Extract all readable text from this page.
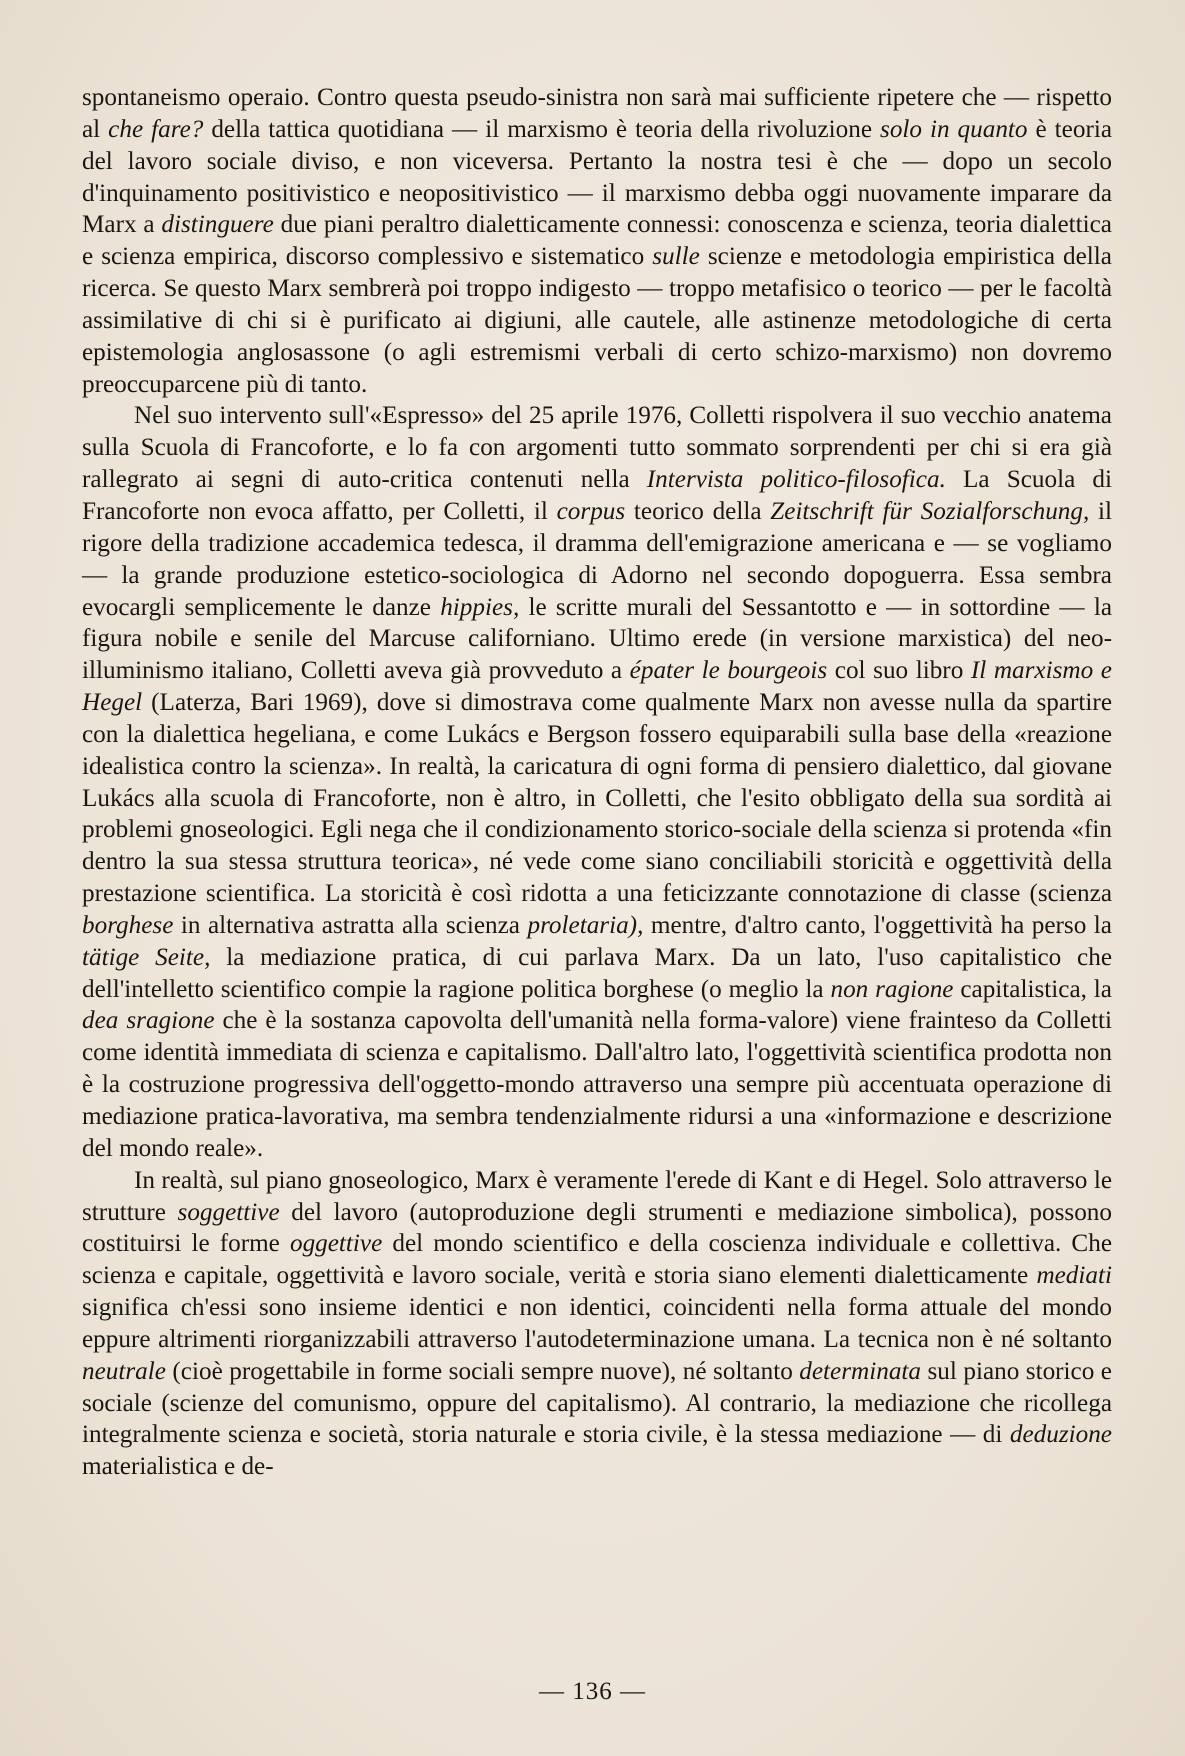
spontaneismo operaio. Contro questa pseudo-sinistra non sarà mai sufficiente ripetere che — rispetto al che fare? della tattica quotidiana — il marxismo è teoria della rivoluzione solo in quanto è teoria del lavoro sociale diviso, e non viceversa. Pertanto la nostra tesi è che — dopo un secolo d'inquinamento positivistico e neopositivistico — il marxismo debba oggi nuovamente imparare da Marx a distinguere due piani peraltro dialetticamente connessi: conoscenza e scienza, teoria dialettica e scienza empirica, discorso complessivo e sistematico sulle scienze e metodologia empiristica della ricerca. Se questo Marx sembrerà poi troppo indigesto — troppo metafisico o teorico — per le facoltà assimilative di chi si è purificato ai digiuni, alle cautele, alle astinenze metodologiche di certa epistemologia anglosassone (o agli estremismi verbali di certo schizo-marxismo) non dovremo preoccuparcene più di tanto.

Nel suo intervento sull'«Espresso» del 25 aprile 1976, Colletti rispolvera il suo vecchio anatema sulla Scuola di Francoforte, e lo fa con argomenti tutto sommato sorprendenti per chi si era già rallegrato ai segni di auto-critica contenuti nella Intervista politico-filosofica. La Scuola di Francoforte non evoca affatto, per Colletti, il corpus teorico della Zeitschrift für Sozialforschung, il rigore della tradizione accademica tedesca, il dramma dell'emigrazione americana e — se vogliamo — la grande produzione estetico-sociologica di Adorno nel secondo dopoguerra. Essa sembra evocargli semplicemente le danze hippies, le scritte murali del Sessantotto e — in sottordine — la figura nobile e senile del Marcuse californiano. Ultimo erede (in versione marxistica) del neo-illuminismo italiano, Colletti aveva già provveduto a épater le bourgeois col suo libro Il marxismo e Hegel (Laterza, Bari 1969), dove si dimostrava come qualmente Marx non avesse nulla da spartire con la dialettica hegeliana, e come Lukács e Bergson fossero equiparabili sulla base della «reazione idealistica contro la scienza». In realtà, la caricatura di ogni forma di pensiero dialettico, dal giovane Lukács alla scuola di Francoforte, non è altro, in Colletti, che l'esito obbligato della sua sordità ai problemi gnoseologici. Egli nega che il condizionamento storico-sociale della scienza si protenda «fin dentro la sua stessa struttura teorica», né vede come siano conciliabili storicità e oggettività della prestazione scientifica. La storicità è così ridotta a una feticizzante connotazione di classe (scienza borghese in alternativa astratta alla scienza proletaria), mentre, d'altro canto, l'oggettività ha perso la tätige Seite, la mediazione pratica, di cui parlava Marx. Da un lato, l'uso capitalistico che dell'intelletto scientifico compie la ragione politica borghese (o meglio la non ragione capitalistica, la dea sragione che è la sostanza capovolta dell'umanità nella forma-valore) viene frainteso da Colletti come identità immediata di scienza e capitalismo. Dall'altro lato, l'oggettività scientifica prodotta non è la costruzione progressiva dell'oggetto-mondo attraverso una sempre più accentuata operazione di mediazione pratica-lavorativa, ma sembra tendenzialmente ridursi a una «informazione e descrizione del mondo reale».

In realtà, sul piano gnoseologico, Marx è veramente l'erede di Kant e di Hegel. Solo attraverso le strutture soggettive del lavoro (autoproduzione degli strumenti e mediazione simbolica), possono costituirsi le forme oggettive del mondo scientifico e della coscienza individuale e collettiva. Che scienza e capitale, oggettività e lavoro sociale, verità e storia siano elementi dialetticamente mediati significa ch'essi sono insieme identici e non identici, coincidenti nella forma attuale del mondo eppure altrimenti riorganizzabili attraverso l'autodeterminazione umana. La tecnica non è né soltanto neutrale (cioè progettabile in forme sociali sempre nuove), né soltanto determinata sul piano storico e sociale (scienze del comunismo, oppure del capitalismo). Al contrario, la mediazione che ricollega integralmente scienza e società, storia naturale e storia civile, è la stessa mediazione — di deduzione materialistica e de-

— 136 —
